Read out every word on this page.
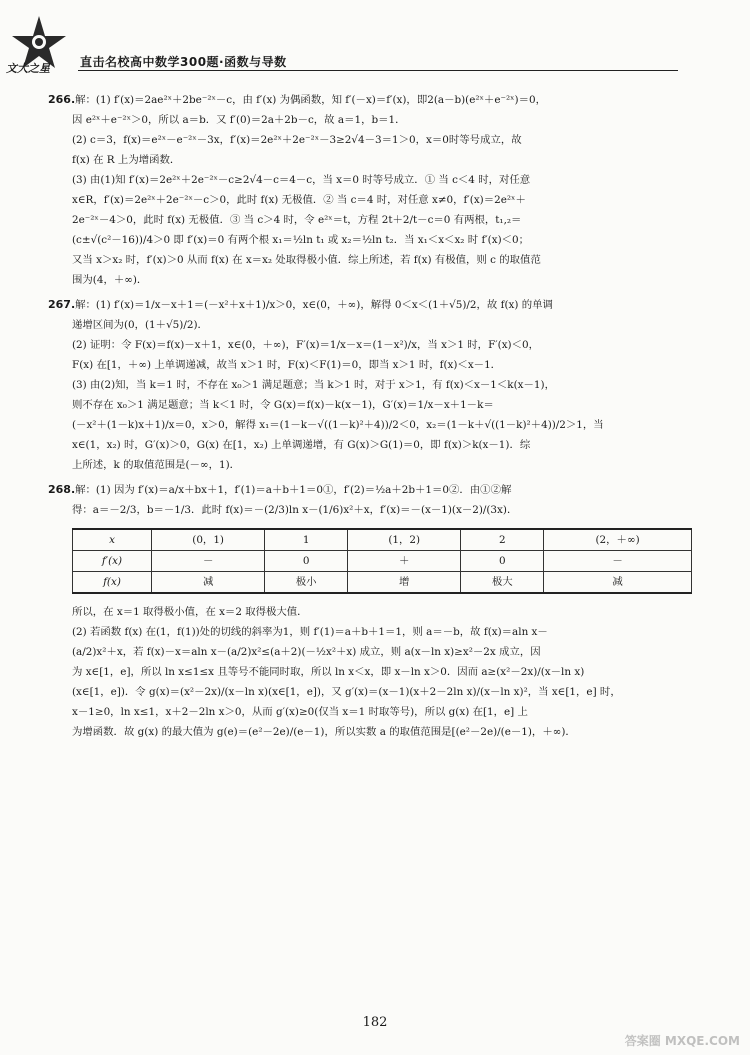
文大之星	直击名校高中数学300题·函数与导数
266.解：(1) f′(x)＝2ae²ˣ＋2be⁻²ˣ－c，由 f′(x) 为偶函数，知 f′(－x)＝f′(x)，即2(a－b)(e²ˣ＋e⁻²ˣ)＝0，
因 e²ˣ＋e⁻²ˣ＞0，所以 a＝b．又 f′(0)＝2a＋2b－c，故 a＝1，b＝1．
(2) c＝3，f(x)＝e²ˣ－e⁻²ˣ－3x，f′(x)＝2e²ˣ＋2e⁻²ˣ－3≥2√4－3＝1＞0，x＝0时等号成立，故
f(x) 在 R 上为增函数．
(3) 由(1)知 f′(x)＝2e²ˣ＋2e⁻²ˣ－c≥2√4－c＝4－c，当 x＝0 时等号成立．① 当 c＜4 时，对任意
x∈R，f′(x)＝2e²ˣ＋2e⁻²ˣ－c＞0，此时 f(x) 无极值．② 当 c＝4 时，对任意 x≠0，f′(x)＝2e²ˣ＋
2e⁻²ˣ－4＞0，此时 f(x) 无极值．③ 当 c＞4 时，令 e²ˣ＝t，方程 2t＋2/t－c＝0 有两根，t₁,₂＝
(c±√(c²－16))/4＞0 即 f′(x)＝0 有两个根 x₁＝½ln t₁ 或 x₂＝½ln t₂．当 x₁＜x＜x₂ 时 f′(x)＜0；
又当 x＞x₂ 时，f′(x)＞0 从而 f(x) 在 x＝x₂ 处取得极小值．综上所述，若 f(x) 有极值，则 c 的取值范
围为(4，＋∞)．
267.解：(1) f′(x)＝1/x－x＋1＝(－x²＋x＋1)/x＞0，x∈(0，＋∞)，解得 0＜x＜(1＋√5)/2，故 f(x) 的单调
递增区间为(0，(1＋√5)/2)．
(2) 证明：令 F(x)＝f(x)－x＋1，x∈(0，＋∞)，F′(x)＝1/x－x＝(1－x²)/x，当 x＞1 时，F′(x)＜0，
F(x) 在[1，＋∞) 上单调递减，故当 x＞1 时，F(x)＜F(1)＝0，即当 x＞1 时，f(x)＜x－1．
(3) 由(2)知，当 k＝1 时，不存在 x₀＞1 满足题意；当 k＞1 时，对于 x＞1，有 f(x)＜x－1＜k(x－1)，
则不存在 x₀＞1 满足题意；当 k＜1 时，令 G(x)＝f(x)－k(x－1)，G′(x)＝1/x－x＋1－k＝
(－x²＋(1－k)x＋1)/x＝0，x＞0，解得 x₁＝(1－k－√((1－k)²＋4))/2＜0，x₂＝(1－k＋√((1－k)²＋4))/2＞1，当
x∈(1，x₂) 时，G′(x)＞0，G(x) 在[1，x₂) 上单调递增，有 G(x)＞G(1)＝0，即 f(x)＞k(x－1)．综
上所述，k 的取值范围是(－∞，1)．
268.解：(1) 因为 f′(x)＝a/x＋bx＋1，f′(1)＝a＋b＋1＝0①，f′(2)＝½a＋2b＋1＝0②．由①②解
得：a＝－2/3，b＝－1/3．此时 f(x)＝－(2/3)ln x－(1/6)x²＋x，f′(x)＝－(x－1)(x－2)/(3x)．
x	(0，1)	1	(1，2)	2	(2，＋∞)
f′(x)	－	0	＋	0	－
f(x)	减	极小	增	极大	减
所以，在 x＝1 取得极小值，在 x＝2 取得极大值．
(2) 若函数 f(x) 在(1，f(1))处的切线的斜率为1，则 f′(1)＝a＋b＋1＝1，则 a＝－b，故 f(x)＝aln x－
(a/2)x²＋x，若 f(x)－x＝aln x－(a/2)x²≤(a＋2)(－½x²＋x) 成立，则 a(x－ln x)≥x²－2x 成立，因
为 x∈[1，e]，所以 ln x≤1≤x 且等号不能同时取，所以 ln x＜x，即 x－ln x＞0．因而 a≥(x²－2x)/(x－ln x)
(x∈[1，e])．令 g(x)＝(x²－2x)/(x－ln x)(x∈[1，e])，又 g′(x)＝(x－1)(x＋2－2ln x)/(x－ln x)²，当 x∈[1，e] 时，
x－1≥0，ln x≤1，x＋2－2ln x＞0，从而 g′(x)≥0(仅当 x＝1 时取等号)，所以 g(x) 在[1，e] 上
为增函数．故 g(x) 的最大值为 g(e)＝(e²－2e)/(e－1)，所以实数 a 的取值范围是[(e²－2e)/(e－1)，＋∞)．
182
答案圈 MXQE.COM
